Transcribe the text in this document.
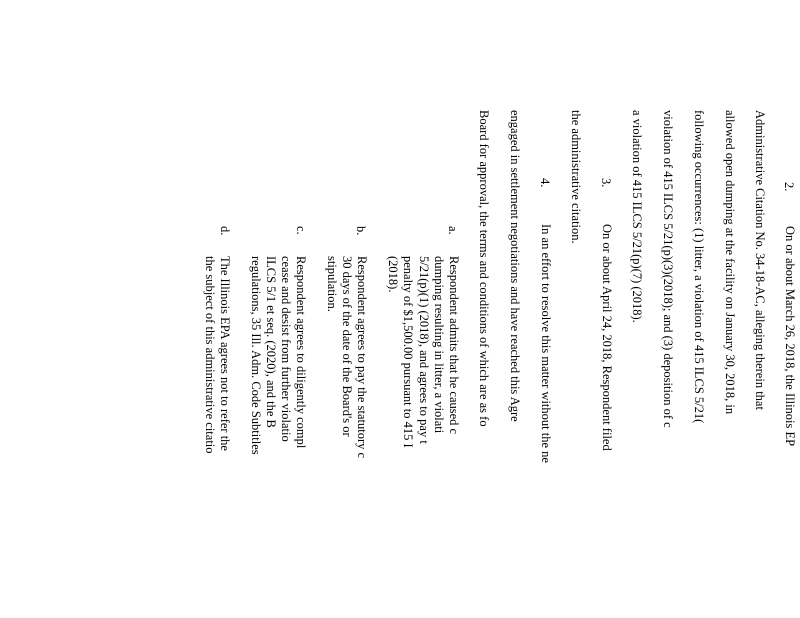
2.
On or about March 26, 2018, the Illinois EP
Administrative Citation No. 34-18-AC, alleging therein that
allowed open dumping at the facility on January 30, 2018, in
following occurrences: (1) litter, a violation of 415 ILCS 5/21(
violation of 415 ILCS 5/21(p)(3)(2018); and (3) deposition of c
a violation of 415 ILCS 5/21(p)(7) (2018).
3.
On or about April 24, 2018, Respondent filed
the administrative citation.
4.
In an effort to resolve this matter without the ne
engaged in settlement negotiations and have reached this Agre
Board for approval, the terms and conditions of which are as fo
a.
Respondent admits that he caused c
dumping resulting in litter, a violati
5/21(p)(1) (2018), and agrees to pay t
penalty of $1,500.00 pursuant to 415 I
(2018).
b.
Respondent agrees to pay the statutory c
30 days of the date of the Board's or
stipulation.
c.
Respondent agrees to diligently compl
cease and desist from further violatio
ILCS 5/1 et seq. (2020), and the B
regulations, 35 Ill. Adm. Code Subtitles
d.
The Illinois EPA agrees not to refer the
the subject of this administrative citatio
